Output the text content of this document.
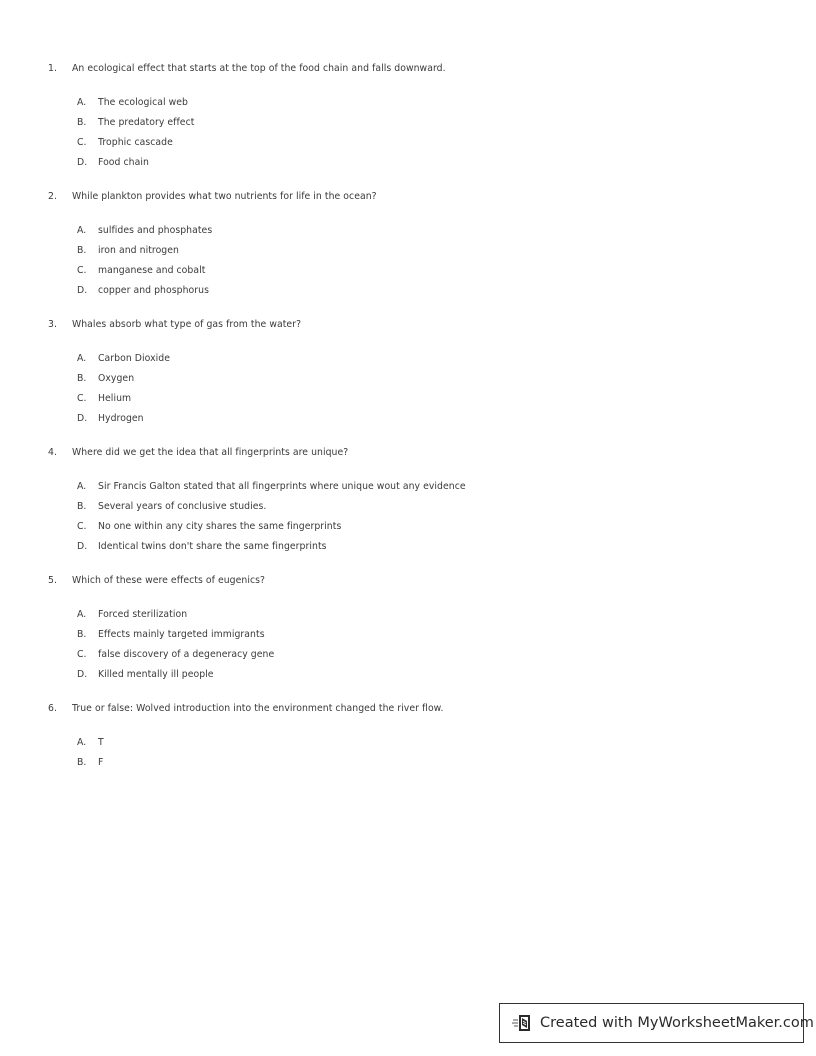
1.	An ecological effect that starts at the top of the food chain and falls downward.
A. The ecological web
B. The predatory effect
C. Trophic cascade
D. Food chain
2.	While plankton provides what two nutrients for life in the ocean?
A. sulfides and phosphates
B. iron and nitrogen
C. manganese and cobalt
D. copper and phosphorus
3.	Whales absorb what type of gas from the water?
A. Carbon Dioxide
B. Oxygen
C. Helium
D. Hydrogen
4.	Where did we get the idea that all fingerprints are unique?
A. Sir Francis Galton stated that all fingerprints where unique wout any evidence
B. Several years of conclusive studies.
C. No one within any city shares the same fingerprints
D. Identical twins don't share the same fingerprints
5.	Which of these were effects of eugenics?
A. Forced sterilization
B. Effects mainly targeted immigrants
C. false discovery of a degeneracy gene
D. Killed mentally ill people
6.	True or false: Wolved introduction into the environment changed the river flow.
A. T
B. F
Created with MyWorksheetMaker.com
